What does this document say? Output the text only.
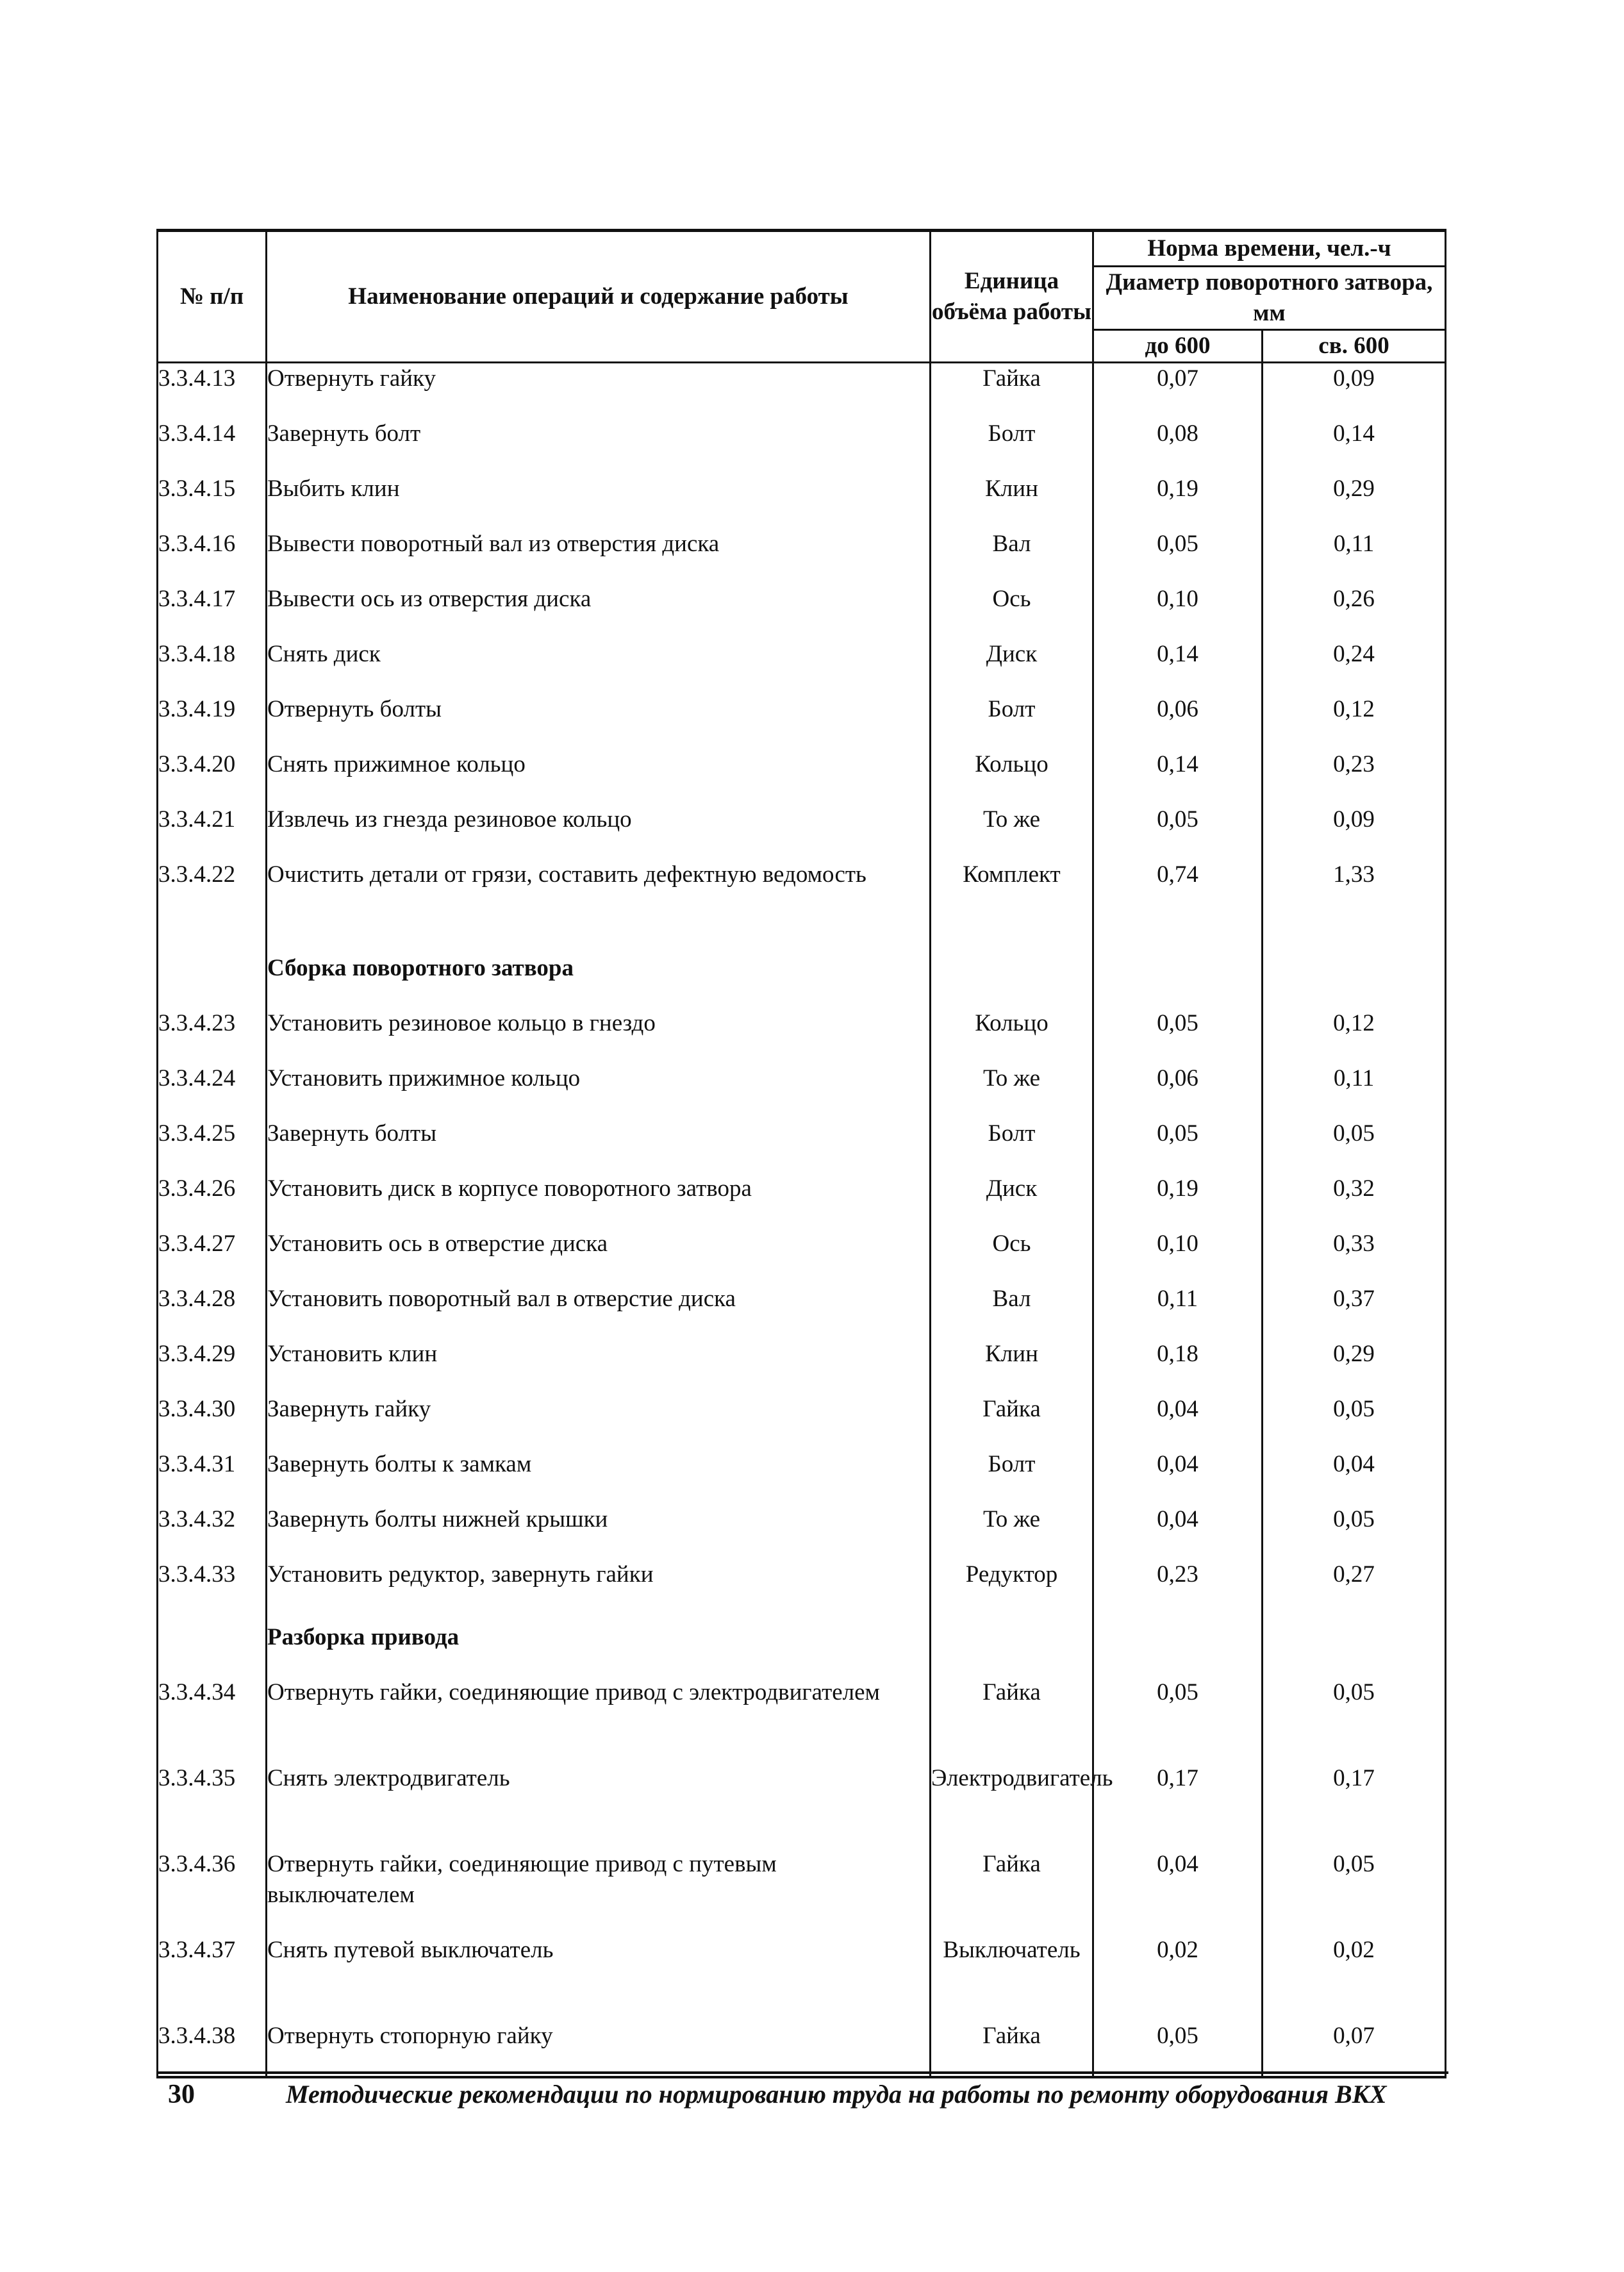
№ п/п	Наименование операций и содержание работы	Единица объёма работы	Норма времени, чел.-ч	
			Диаметр поворотного затвора, мм	
			до 600	св. 600
3.3.4.13	Отвернуть гайку	Гайка	0,07	0,09
3.3.4.14	Завернуть болт	Болт	0,08	0,14
3.3.4.15	Выбить клин	Клин	0,19	0,29
3.3.4.16	Вывести поворотный вал из отверстия диска	Вал	0,05	0,11
3.3.4.17	Вывести ось из отверстия диска	Ось	0,10	0,26
3.3.4.18	Снять диск	Диск	0,14	0,24
3.3.4.19	Отвернуть болты	Болт	0,06	0,12
3.3.4.20	Снять прижимное кольцо	Кольцо	0,14	0,23
3.3.4.21	Извлечь из гнезда резиновое кольцо	То же	0,05	0,09
3.3.4.22	Очистить детали от грязи, составить дефектную ведомость	Комплект	0,74	1,33
	Сборка поворотного затвора			
3.3.4.23	Установить резиновое кольцо в гнездо	Кольцо	0,05	0,12
3.3.4.24	Установить прижимное кольцо	То же	0,06	0,11
3.3.4.25	Завернуть болты	Болт	0,05	0,05
3.3.4.26	Установить диск в корпусе поворотного затвора	Диск	0,19	0,32
3.3.4.27	Установить ось в отверстие диска	Ось	0,10	0,33
3.3.4.28	Установить поворотный вал в отверстие диска	Вал	0,11	0,37
3.3.4.29	Установить клин	Клин	0,18	0,29
3.3.4.30	Завернуть гайку	Гайка	0,04	0,05
3.3.4.31	Завернуть болты к замкам	Болт	0,04	0,04
3.3.4.32	Завернуть болты нижней крышки	То же	0,04	0,05
3.3.4.33	Установить редуктор, завернуть гайки	Редуктор	0,23	0,27
	Разборка привода			
3.3.4.34	Отвернуть гайки, соединяющие привод с электродвигателем	Гайка	0,05	0,05
3.3.4.35	Снять электродвигатель	Электродвигатель	0,17	0,17
3.3.4.36	Отвернуть гайки, соединяющие привод с путевым выключателем	Гайка	0,04	0,05
3.3.4.37	Снять путевой выключатель	Выключатель	0,02	0,02
3.3.4.38	Отвернуть стопорную гайку	Гайка	0,05	0,07
30	Методические рекомендации по нормированию труда на работы по ремонту оборудования ВКХ
